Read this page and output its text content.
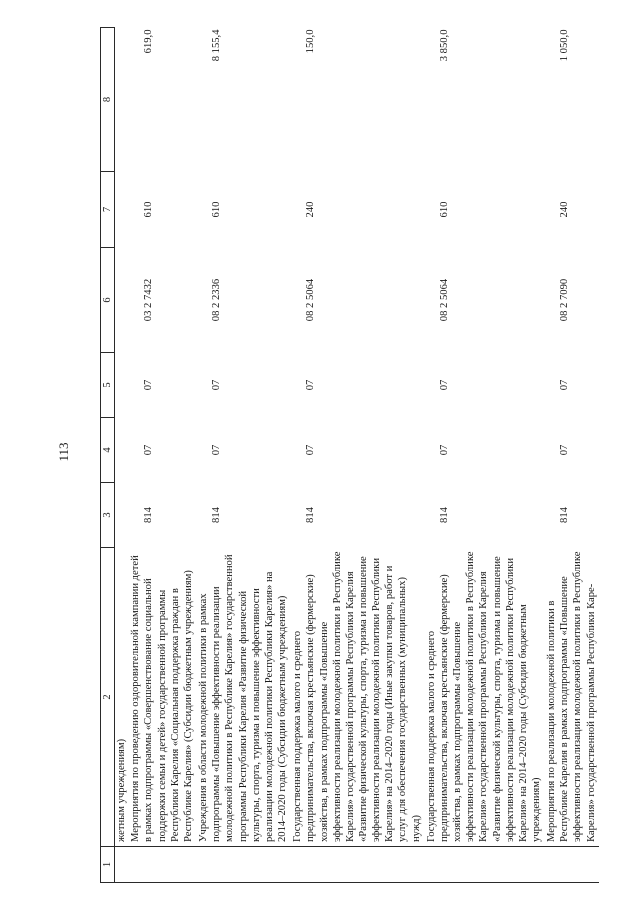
113
1	2	3	4	5	6	7	8
	жетным учреждениям)						
	Мероприятия по проведению оздоровительной кампании детей в рамках подпрограммы «Совершенствование социальной поддержки семьи и детей» государственной программы Республики Карелия «Социальная поддержка граждан в Республике Карелия» (Субсидии бюджетным учреждениям)	814	07	07	03 2 7432	610	619,0
	Учреждения в области молодежной политики в рамках подпрограммы «Повышение эффективности реализации молодежной политики в Республике Карелия» государственной программы Республики Карелия «Развитие физической культуры, спорта, туризма и повышение эффективности реализации молодежной политики Республики Карелия» на 2014–2020 годы (Субсидии бюджетным учреждениям)	814	07	07	08 2 2336	610	8 155,4
	Государственная поддержка малого и среднего предпринимательства, включая крестьянские (фермерские) хозяйства, в рамках подпрограммы «Повышение эффективности реализации молодежной политики в Республике Карелия» государственной программы Республики Карелия «Развитие физической культуры, спорта, туризма и повышение эффективности реализации молодежной политики Республики Карелия» на 2014–2020 годы (Иные закупки товаров, работ и услуг для обеспечения государственных (муниципальных) нужд)	814	07	07	08 2 5064	240	150,0
	Государственная поддержка малого и среднего предпринимательства, включая крестьянские (фермерские) хозяйства, в рамках подпрограммы «Повышение эффективности реализации молодежной политики в Республике Карелия» государственной программы Республики Карелия «Развитие физической культуры, спорта, туризма и повышение эффективности реализации молодежной политики Республики Карелия» на 2014–2020 годы (Субсидии бюджетным учреждениям)	814	07	07	08 2 5064	610	3 850,0
	Мероприятия по реализации молодежной политики в Республике Карелия в рамках подпрограммы «Повышение эффективности реализации молодежной политики в Республике Карелия» государственной программы Республики Каре-	814	07	07	08 2 7090	240	1 050,0
